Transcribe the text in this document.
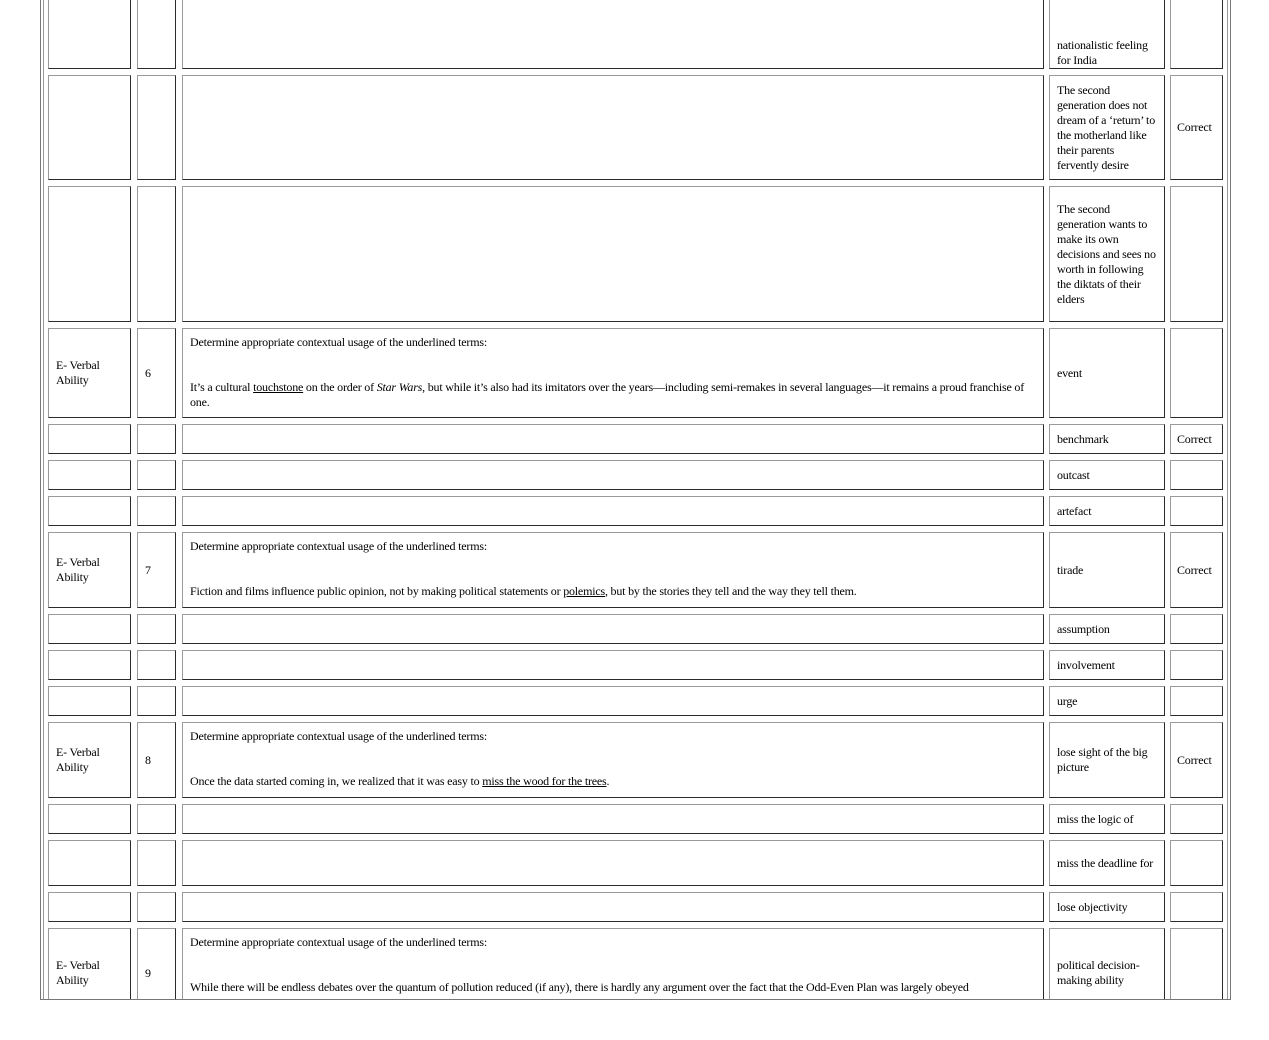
nationalistic feeling for India
The second generation does not dream of a ‘return’ to the motherland like their parents fervently desire
Correct
The second generation wants to make its own decisions and sees no worth in following the diktats of their elders
E- Verbal Ability
6
Determine appropriate contextual usage of the underlined terms:
It’s a cultural touchstone on the order of Star Wars, but while it’s also had its imitators over the years—including semi-remakes in several languages—it remains a proud franchise of one.
event
benchmark	Correct
outcast
artefact
E- Verbal Ability
7
Determine appropriate contextual usage of the underlined terms:
Fiction and films influence public opinion, not by making political statements or polemics, but by the stories they tell and the way they tell them.
tirade	Correct
assumption
involvement
urge
E- Verbal Ability
8
Determine appropriate contextual usage of the underlined terms:
Once the data started coming in, we realized that it was easy to miss the wood for the trees.
lose sight of the big picture
Correct
miss the logic of
miss the deadline for
lose objectivity
E- Verbal Ability
9
Determine appropriate contextual usage of the underlined terms:
While there will be endless debates over the quantum of pollution reduced (if any), there is hardly any argument over the fact that the Odd-Even Plan was largely obeyed
political decision-making ability
